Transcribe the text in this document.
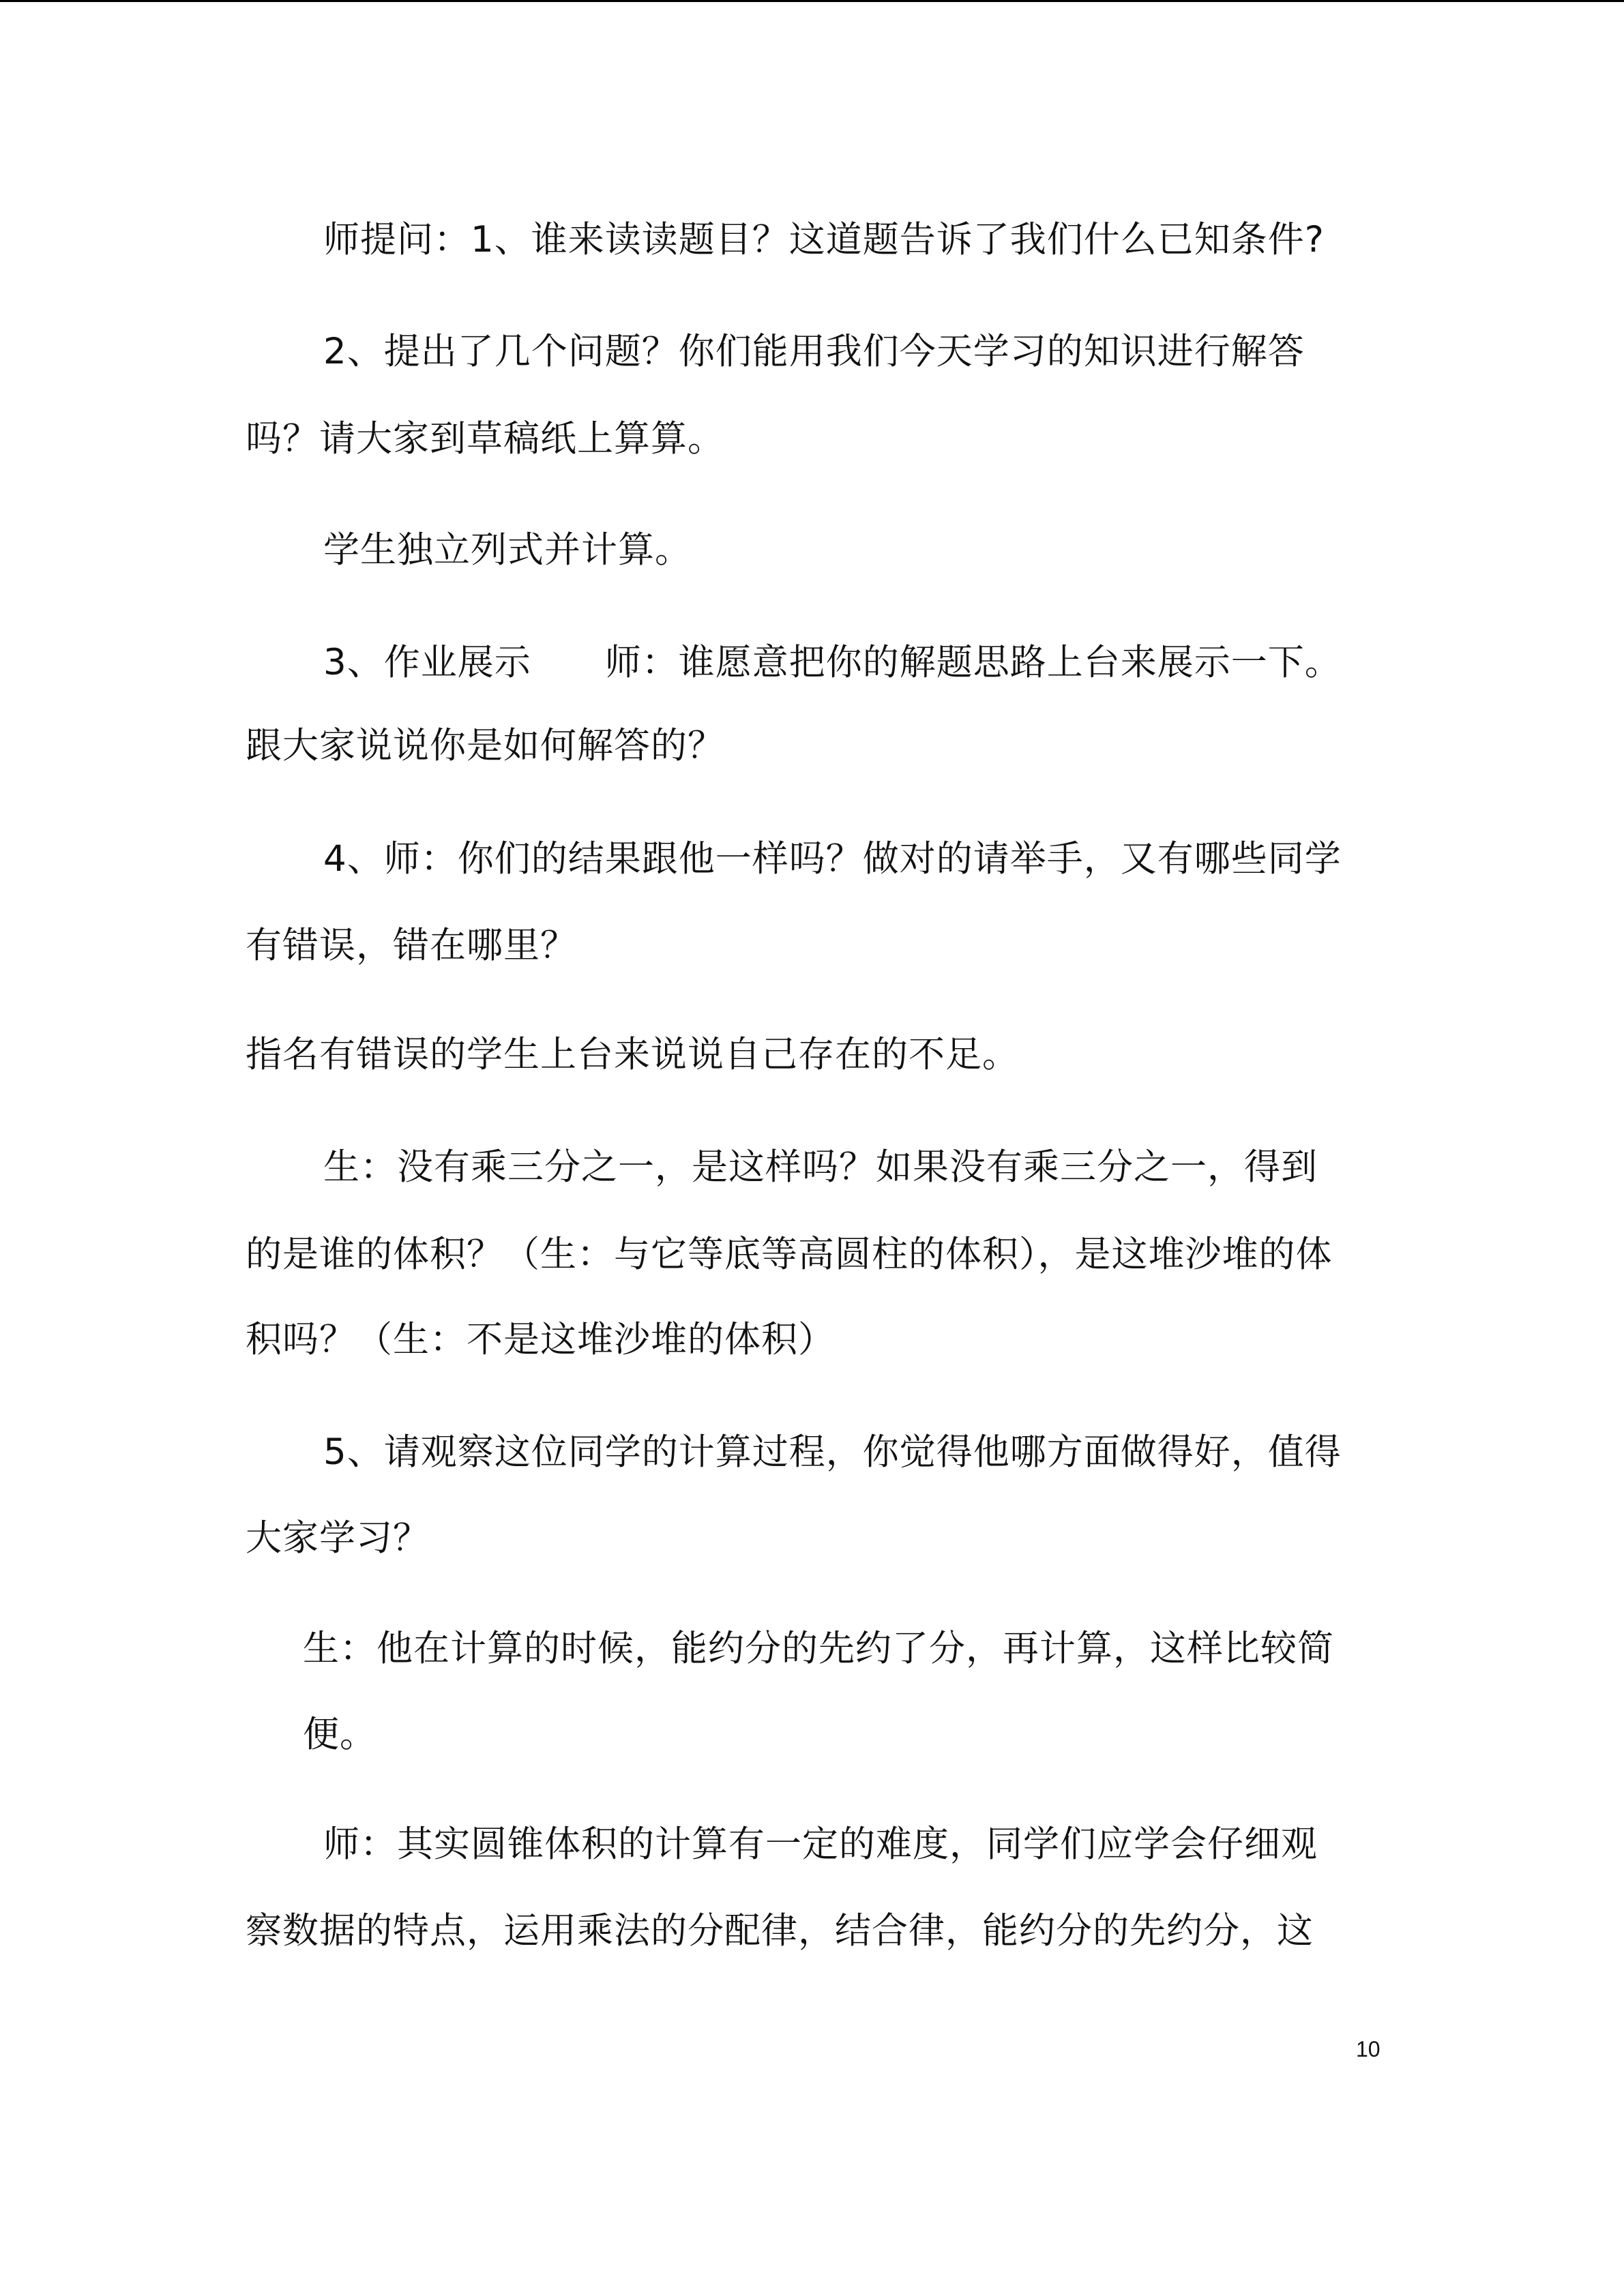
师提问：1、谁来读读题目？这道题告诉了我们什么已知条件?
2、提出了几个问题？你们能用我们今天学习的知识进行解答
吗？请大家到草稿纸上算算。
学生独立列式并计算。
3、作业展示　　师：谁愿意把你的解题思路上台来展示一下。
跟大家说说你是如何解答的？
4、师：你们的结果跟他一样吗？做对的请举手，又有哪些同学
有错误，错在哪里？
指名有错误的学生上台来说说自己存在的不足。
生：没有乘三分之一，是这样吗？如果没有乘三分之一，得到
的是谁的体积？（生：与它等底等高圆柱的体积），是这堆沙堆的体
积吗？（生：不是这堆沙堆的体积）
5、请观察这位同学的计算过程，你觉得他哪方面做得好，值得
大家学习？
生：他在计算的时候，能约分的先约了分，再计算，这样比较简
便。
师：其实圆锥体积的计算有一定的难度，同学们应学会仔细观
察数据的特点，运用乘法的分配律，结合律，能约分的先约分，这
10
